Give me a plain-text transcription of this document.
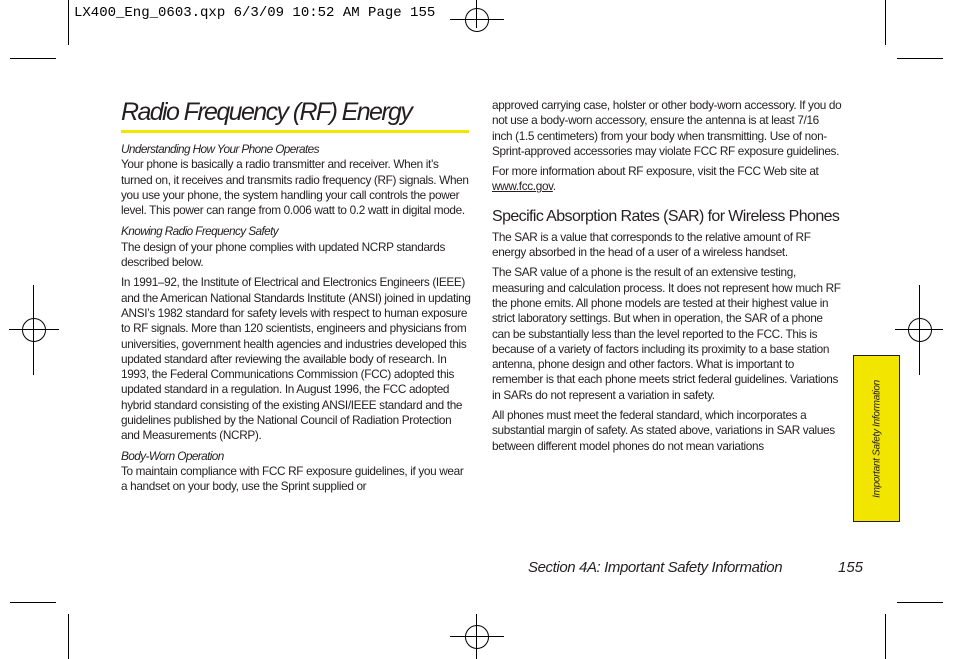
LX400_Eng_0603.qxp 6/3/09 10:52 AM Page 155
Radio Frequency (RF) Energy

Understanding How Your Phone Operates

Your phone is basically a radio transmitter and receiver. When it’s turned on, it receives and transmits radio frequency (RF) signals. When you use your phone, the system handling your call controls the power level. This power can range from 0.006 watt to 0.2 watt in digital mode.

Knowing Radio Frequency Safety

The design of your phone complies with updated NCRP standards described below.

In 1991–92, the Institute of Electrical and Electronics Engineers (IEEE) and the American National Standards Institute (ANSI) joined in updating ANSI’s 1982 standard for safety levels with respect to human exposure to RF signals. More than 120 scientists, engineers and physicians from universities, government health agencies and industries developed this updated standard after reviewing the available body of research. In 1993, the Federal Communications Commission (FCC) adopted this updated standard in a regulation. In August 1996, the FCC adopted hybrid standard consisting of the existing ANSI/IEEE standard and the guidelines published by the National Council of Radiation Protection and Measurements (NCRP).

Body-Worn Operation

To maintain compliance with FCC RF exposure guidelines, if you wear a handset on your body, use the Sprint supplied or

approved carrying case, holster or other body-worn accessory. If you do not use a body-worn accessory, ensure the antenna is at least 7/16 inch (1.5 centimeters) from your body when transmitting. Use of non-Sprint-approved accessories may violate FCC RF exposure guidelines.

For more information about RF exposure, visit the FCC Web site at www.fcc.gov.

Specific Absorption Rates (SAR) for Wireless Phones

The SAR is a value that corresponds to the relative amount of RF energy absorbed in the head of a user of a wireless handset.

The SAR value of a phone is the result of an extensive testing, measuring and calculation process. It does not represent how much RF the phone emits. All phone models are tested at their highest value in strict laboratory settings. But when in operation, the SAR of a phone can be substantially less than the level reported to the FCC. This is because of a variety of factors including its proximity to a base station antenna, phone design and other factors. What is important to remember is that each phone meets strict federal guidelines. Variations in SARs do not represent a variation in safety.

All phones must meet the federal standard, which incorporates a substantial margin of safety. As stated above, variations in SAR values between different model phones do not mean variations	Important Safety Information
Section 4A: Important Safety Information	155
